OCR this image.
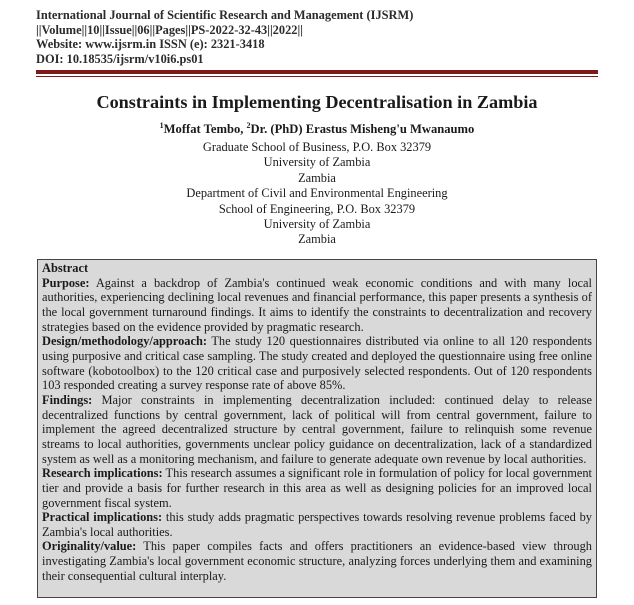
International Journal of Scientific Research and Management (IJSRM)
||Volume||10||Issue||06||Pages||PS-2022-32-43||2022||
Website: www.ijsrm.in ISSN (e): 2321-3418
DOI: 10.18535/ijsrm/v10i6.ps01
Constraints in Implementing Decentralisation in Zambia
$^1$Moffat Tembo, $^2$Dr. (PhD) Erastus Misheng'u Mwanaumo
Graduate School of Business, P.O. Box 32379
University of Zambia
Zambia
Department of Civil and Environmental Engineering
School of Engineering, P.O. Box 32379
University of Zambia
Zambia

Abstract

Purpose: Against a backdrop of Zambia's continued weak economic conditions and with many local authorities, experiencing declining local revenues and financial performance, this paper presents a synthesis of the local government turnaround findings. It aims to identify the constraints to decentralization and recovery strategies based on the evidence provided by pragmatic research.

Design/methodology/approach: The study 120 questionnaires distributed via online to all 120 respondents using purposive and critical case sampling. The study created and deployed the questionnaire using free online software (kobotoolbox) to the 120 critical case and purposively selected respondents. Out of 120 respondents 103 responded creating a survey response rate of above 85%.

Findings: Major constraints in implementing decentralization included: continued delay to release decentralized functions by central government, lack of political will from central government, failure to implement the agreed decentralized structure by central government, failure to relinquish some revenue streams to local authorities, governments unclear policy guidance on decentralization, lack of a standardized system as well as a monitoring mechanism, and failure to generate adequate own revenue by local authorities.

Research implications: This research assumes a significant role in formulation of policy for local government tier and provide a basis for further research in this area as well as designing policies for an improved local government fiscal system.

Practical implications: this study adds pragmatic perspectives towards resolving revenue problems faced by Zambia's local authorities.

Originality/value: This paper compiles facts and offers practitioners an evidence-based view through investigating Zambia's local government economic structure, analyzing forces underlying them and examining their consequential cultural interplay.
